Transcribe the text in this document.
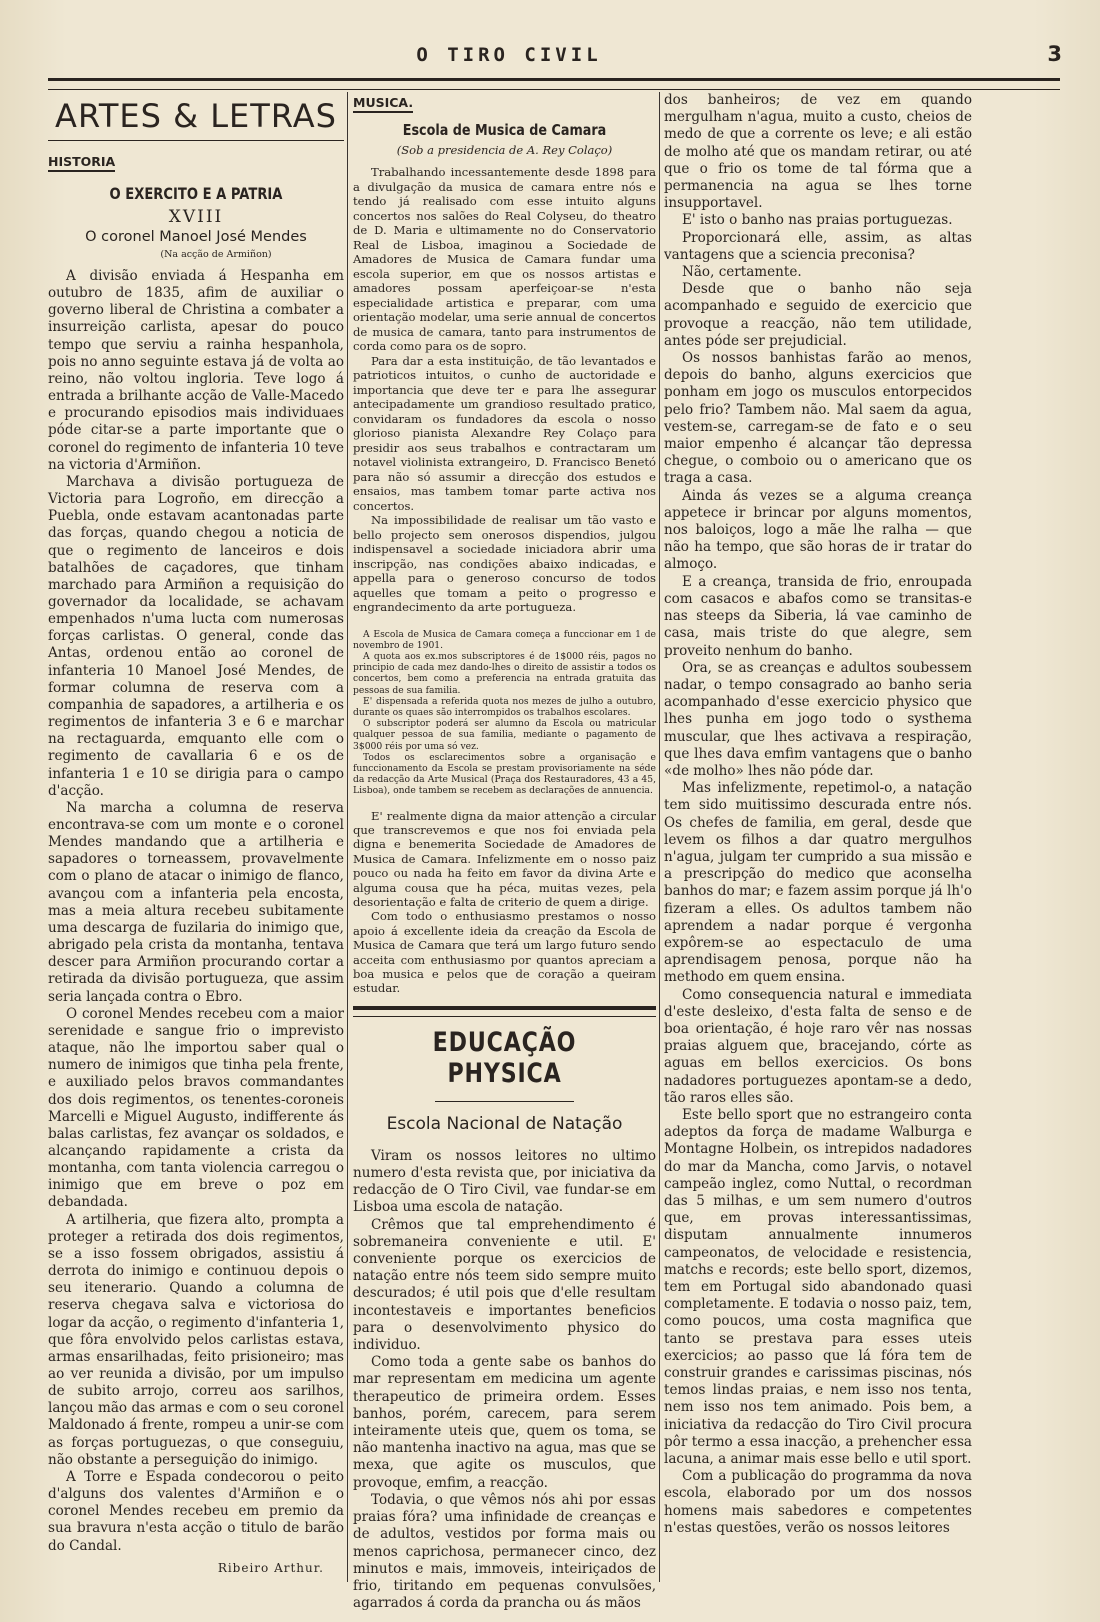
O TIRO CIVIL	3
ARTES & LETRAS
HISTORIA
O EXERCITO E A PATRIA
XVIII
O coronel Manoel José Mendes
(Na acção de Armiñon)

A divisão enviada á Hespanha em outubro de 1835, afim de auxiliar o governo liberal de Christina a combater a insurreição carlista, apesar do pouco tempo que serviu a rainha hespanhola, pois no anno seguinte estava já de volta ao reino, não voltou ingloria. Teve logo á entrada a brilhante acção de Valle-Macedo e procurando episodios mais individuaes póde citar-se a parte importante que o coronel do regimento de infanteria 10 teve na victoria d'Armiñon.

Marchava a divisão portugueza de Victoria para Logroño, em direcção a Puebla, onde estavam acantonadas parte das forças, quando chegou a noticia de que o regimento de lanceiros e dois batalhões de caçadores, que tinham marchado para Armiñon a requisição do governador da localidade, se achavam empenhados n'uma lucta com numerosas forças carlistas. O general, conde das Antas, ordenou então ao coronel de infanteria 10 Manoel José Mendes, de formar columna de reserva com a companhia de sapadores, a artilheria e os regimentos de infanteria 3 e 6 e marchar na rectaguarda, emquanto elle com o regimento de cavallaria 6 e os de infanteria 1 e 10 se dirigia para o campo d'acção.

Na marcha a columna de reserva encontrava-se com um monte e o coronel Mendes mandando que a artilheria e sapadores o torneassem, provavelmente com o plano de atacar o inimigo de flanco, avançou com a infanteria pela encosta, mas a meia altura recebeu subitamente uma descarga de fuzilaria do inimigo que, abrigado pela crista da montanha, tentava descer para Armiñon procurando cortar a retirada da divisão portugueza, que assim seria lançada contra o Ebro.

O coronel Mendes recebeu com a maior serenidade e sangue frio o imprevisto ataque, não lhe importou saber qual o numero de inimigos que tinha pela frente, e auxiliado pelos bravos commandantes dos dois regimentos, os tenentes-coroneis Marcelli e Miguel Augusto, indifferente ás balas carlistas, fez avançar os soldados, e alcançando rapidamente a crista da montanha, com tanta violencia carregou o inimigo que em breve o poz em debandada.

A artilheria, que fizera alto, prompta a proteger a retirada dos dois regimentos, se a isso fossem obrigados, assistiu á derrota do inimigo e continuou depois o seu itenerario. Quando a columna de reserva chegava salva e victoriosa do logar da acção, o regimento d'infanteria 1, que fôra envolvido pelos carlistas estava, armas ensarilhadas, feito prisioneiro; mas ao ver reunida a divisão, por um impulso de subito arrojo, correu aos sarilhos, lançou mão das armas e com o seu coronel Maldonado á frente, rompeu a unir-se com as forças portuguezas, o que conseguiu, não obstante a perseguição do inimigo.

A Torre e Espada condecorou o peito d'alguns dos valentes d'Armiñon e o coronel Mendes recebeu em premio da sua bravura n'esta acção o titulo de barão do Candal.

Ribeiro Arthur.
MUSICA.
Escola de Musica de Camara
(Sob a presidencia de A. Rey Colaço)

Trabalhando incessantemente desde 1898 para a divulgação da musica de camara entre nós e tendo já realisado com esse intuito alguns concertos nos salões do Real Colyseu, do theatro de D. Maria e ultimamente no do Conservatorio Real de Lisboa, imaginou a Sociedade de Amadores de Musica de Camara fundar uma escola superior, em que os nossos artistas e amadores possam aperfeiçoar-se n'esta especialidade artistica e preparar, com uma orientação modelar, uma serie annual de concertos de musica de camara, tanto para instrumentos de corda como para os de sopro.

Para dar a esta instituição, de tão levantados e patrioticos intuitos, o cunho de auctoridade e importancia que deve ter e para lhe assegurar antecipadamente um grandioso resultado pratico, convidaram os fundadores da escola o nosso glorioso pianista Alexandre Rey Colaço para presidir aos seus trabalhos e contractaram um notavel violinista extrangeiro, D. Francisco Benetó para não só assumir a direcção dos estudos e ensaios, mas tambem tomar parte activa nos concertos.

Na impossibilidade de realisar um tão vasto e bello projecto sem onerosos dispendios, julgou indispensavel a sociedade iniciadora abrir uma inscripção, nas condições abaixo indicadas, e appella para o generoso concurso de todos aquelles que tomam a peito o progresso e engrandecimento da arte portugueza.

A Escola de Musica de Camara começa a funccionar em 1 de novembro de 1901.

A quota aos ex.mos subscriptores é de 1$000 réis, pagos no principio de cada mez dando-lhes o direito de assistir a todos os concertos, bem como a preferencia na entrada gratuita das pessoas de sua familia.

E' dispensada a referida quota nos mezes de julho a outubro, durante os quaes são interrompidos os trabalhos escolares.

O subscriptor poderá ser alumno da Escola ou matricular qualquer pessoa de sua familia, mediante o pagamento de 3$000 réis por uma só vez.

Todos os esclarecimentos sobre a organisação e funccionamento da Escola se prestam provisoriamente na séde da redacção da Arte Musical (Praça dos Restauradores, 43 a 45, Lisboa), onde tambem se recebem as declarações de annuencia.

E' realmente digna da maior attenção a circular que transcrevemos e que nos foi enviada pela digna e benemerita Sociedade de Amadores de Musica de Camara. Infelizmente em o nosso paiz pouco ou nada ha feito em favor da divina Arte e alguma cousa que ha péca, muitas vezes, pela desorientação e falta de criterio de quem a dirige.

Com todo o enthusiasmo prestamos o nosso apoio á excellente ideia da creação da Escola de Musica de Camara que terá um largo futuro sendo acceita com enthusiasmo por quantos apreciam a boa musica e pelos que de coração a queiram estudar.

EDUCAÇÃO PHYSICA
Escola Nacional de Natação

Viram os nossos leitores no ultimo numero d'esta revista que, por iniciativa da redacção de O Tiro Civil, vae fundar-se em Lisboa uma escola de natação.

Crêmos que tal emprehendimento é sobremaneira conveniente e util. E' conveniente porque os exercicios de natação entre nós teem sido sempre muito descurados; é util pois que d'elle resultam incontestaveis e importantes beneficios para o desenvolvimento physico do individuo.

Como toda a gente sabe os banhos do mar representam em medicina um agente therapeutico de primeira ordem. Esses banhos, porém, carecem, para serem inteiramente uteis que, quem os toma, se não mantenha inactivo na agua, mas que se mexa, que agite os musculos, que provoque, emfim, a reacção.

Todavia, o que vêmos nós ahi por essas praias fóra? uma infinidade de creanças e de adultos, vestidos por forma mais ou menos caprichosa, permanecer cinco, dez minutos e mais, immoveis, inteiriçados de frio, tiritando em pequenas convulsões, agarrados á corda da prancha ou ás mãos

dos banheiros; de vez em quando mergulham n'agua, muito a custo, cheios de medo de que a corrente os leve; e ali estão de molho até que os mandam retirar, ou até que o frio os tome de tal fórma que a permanencia na agua se lhes torne insupportavel.

E' isto o banho nas praias portuguezas.

Proporcionará elle, assim, as altas vantagens que a sciencia preconisa?

Não, certamente.

Desde que o banho não seja acompanhado e seguido de exercicio que provoque a reacção, não tem utilidade, antes póde ser prejudicial.

Os nossos banhistas farão ao menos, depois do banho, alguns exercicios que ponham em jogo os musculos entorpecidos pelo frio? Tambem não. Mal saem da agua, vestem-se, carregam-se de fato e o seu maior empenho é alcançar tão depressa chegue, o comboio ou o americano que os traga a casa.

Ainda ás vezes se a alguma creança appetece ir brincar por alguns momentos, nos baloiços, logo a mãe lhe ralha — que não ha tempo, que são horas de ir tratar do almoço.

E a creança, transida de frio, enroupada com casacos e abafos como se transitas-e nas steeps da Siberia, lá vae caminho de casa, mais triste do que alegre, sem proveito nenhum do banho.

Ora, se as creanças e adultos soubessem nadar, o tempo consagrado ao banho seria acompanhado d'esse exercicio physico que lhes punha em jogo todo o systhema muscular, que lhes activava a respiração, que lhes dava emfim vantagens que o banho «de molho» lhes não póde dar.

Mas infelizmente, repetimol-o, a natação tem sido muitissimo descurada entre nós. Os chefes de familia, em geral, desde que levem os filhos a dar quatro mergulhos n'agua, julgam ter cumprido a sua missão e a prescripção do medico que aconselha banhos do mar; e fazem assim porque já lh'o fizeram a elles. Os adultos tambem não aprendem a nadar porque é vergonha expôrem-se ao espectaculo de uma aprendisagem penosa, porque não ha methodo em quem ensina.

Como consequencia natural e immediata d'este desleixo, d'esta falta de senso e de boa orientação, é hoje raro vêr nas nossas praias alguem que, bracejando, córte as aguas em bellos exercicios. Os bons nadadores portuguezes apontam-se a dedo, tão raros elles são.

Este bello sport que no estrangeiro conta adeptos da força de madame Walburga e Montagne Holbein, os intrepidos nadadores do mar da Mancha, como Jarvis, o notavel campeão inglez, como Nuttal, o recordman das 5 milhas, e um sem numero d'outros que, em provas interessantissimas, disputam annualmente innumeros campeonatos, de velocidade e resistencia, matchs e records; este bello sport, dizemos, tem em Portugal sido abandonado quasi completamente. E todavia o nosso paiz, tem, como poucos, uma costa magnifica que tanto se prestava para esses uteis exercicios; ao passo que lá fóra tem de construir grandes e carissimas piscinas, nós temos lindas praias, e nem isso nos tenta, nem isso nos tem animado. Pois bem, a iniciativa da redacção do Tiro Civil procura pôr termo a essa inacção, a prehencher essa lacuna, a animar mais esse bello e util sport.

Com a publicação do programma da nova escola, elaborado por um dos nossos homens mais sabedores e competentes n'estas questões, verão os nossos leitores
